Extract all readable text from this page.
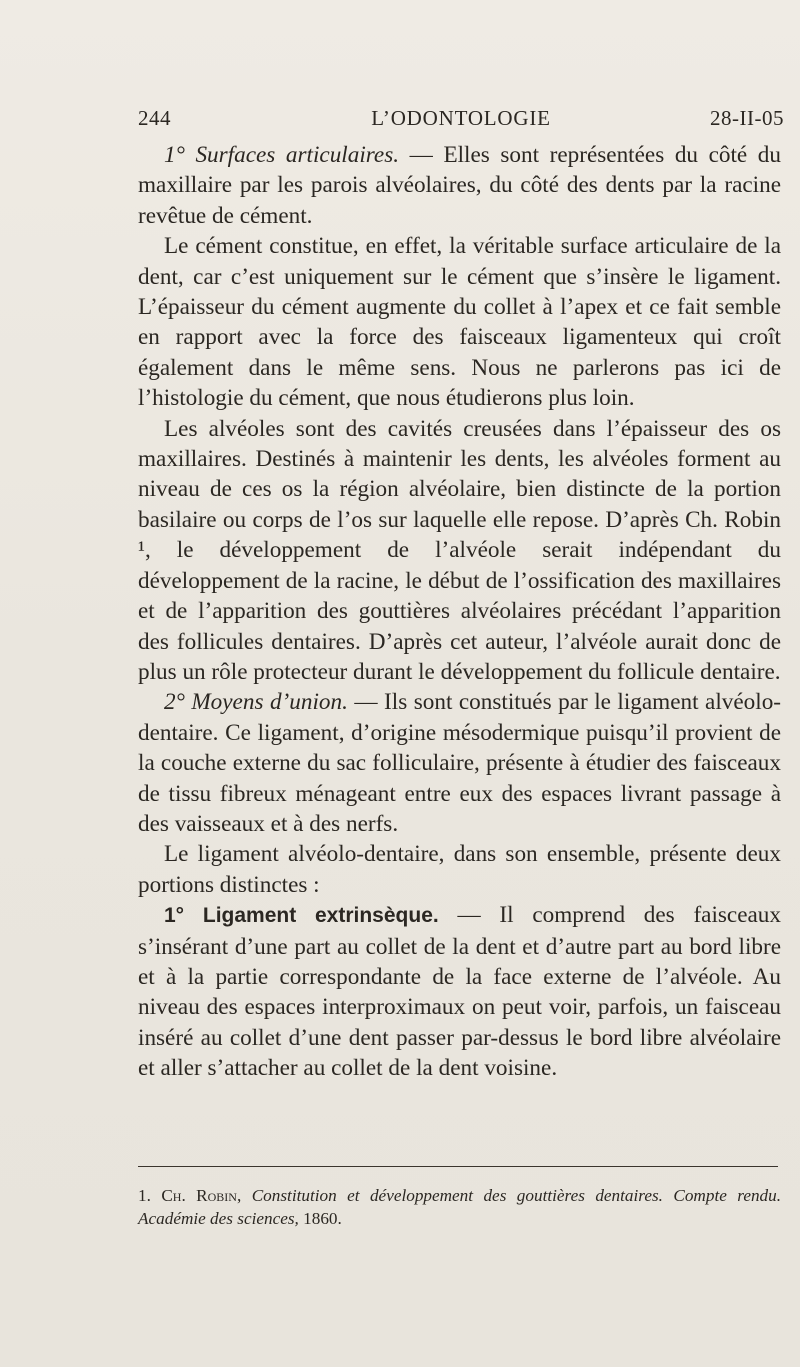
244	L’ODONTOLOGIE	28-II-05

1° Surfaces articulaires. — Elles sont représentées du côté du maxillaire par les parois alvéolaires, du côté des dents par la racine revêtue de cément.

Le cément constitue, en effet, la véritable surface articulaire de la dent, car c’est uniquement sur le cément que s’insère le ligament. L’épaisseur du cément augmente du collet à l’apex et ce fait semble en rapport avec la force des faisceaux ligamenteux qui croît également dans le même sens. Nous ne parlerons pas ici de l’histologie du cément, que nous étudierons plus loin.

Les alvéoles sont des cavités creusées dans l’épaisseur des os maxillaires. Destinés à maintenir les dents, les alvéoles forment au niveau de ces os la région alvéolaire, bien distincte de la portion basilaire ou corps de l’os sur laquelle elle repose. D’après Ch. Robin ¹, le développement de l’alvéole serait indépendant du développement de la racine, le début de l’ossification des maxillaires et de l’apparition des gouttières alvéolaires précédant l’apparition des follicules dentaires. D’après cet auteur, l’alvéole aurait donc de plus un rôle protecteur durant le développement du follicule dentaire.

2° Moyens d’union. — Ils sont constitués par le ligament alvéolo-dentaire. Ce ligament, d’origine mésodermique puisqu’il provient de la couche externe du sac folliculaire, présente à étudier des faisceaux de tissu fibreux ménageant entre eux des espaces livrant passage à des vaisseaux et à des nerfs.

Le ligament alvéolo-dentaire, dans son ensemble, présente deux portions distinctes :

1° Ligament extrinsèque. — Il comprend des faisceaux s’insérant d’une part au collet de la dent et d’autre part au bord libre et à la partie correspondante de la face externe de l’alvéole. Au niveau des espaces interproximaux on peut voir, parfois, un faisceau inséré au collet d’une dent passer par-dessus le bord libre alvéolaire et aller s’attacher au collet de la dent voisine.

1. Ch. Robin, Constitution et développement des gouttières dentaires. Compte rendu. Académie des sciences, 1860.
